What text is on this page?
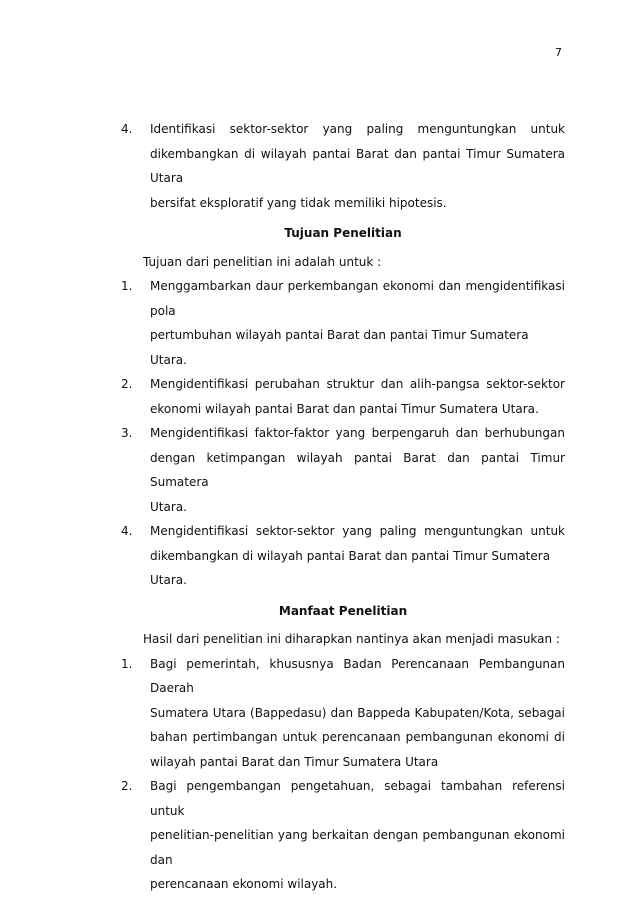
7
4.	Identifikasi sektor-sektor yang paling menguntungkan untuk
dikembangkan di wilayah pantai Barat dan pantai Timur Sumatera Utara
bersifat eksploratif yang tidak memiliki hipotesis.
Tujuan Penelitian
Tujuan dari penelitian ini adalah untuk :
1.	Menggambarkan daur perkembangan ekonomi dan mengidentifikasi pola
pertumbuhan wilayah pantai Barat dan pantai Timur Sumatera Utara.
2.	Mengidentifikasi perubahan struktur dan alih-pangsa sektor-sektor
ekonomi wilayah pantai Barat dan pantai Timur Sumatera Utara.
3.	Mengidentifikasi faktor-faktor yang berpengaruh dan berhubungan
dengan ketimpangan wilayah pantai Barat dan pantai Timur Sumatera
Utara.
4.	Mengidentifikasi sektor-sektor yang paling menguntungkan untuk
dikembangkan di wilayah pantai Barat dan pantai Timur Sumatera Utara.
Manfaat Penelitian
Hasil dari penelitian ini diharapkan nantinya akan menjadi masukan :
1.	Bagi pemerintah, khususnya Badan Perencanaan Pembangunan Daerah
Sumatera Utara (Bappedasu) dan Bappeda Kabupaten/Kota, sebagai
bahan pertimbangan untuk perencanaan pembangunan ekonomi di
wilayah pantai Barat dan Timur Sumatera Utara
2.	Bagi pengembangan pengetahuan, sebagai tambahan referensi untuk
penelitian-penelitian yang berkaitan dengan pembangunan ekonomi dan
perencanaan ekonomi wilayah.
